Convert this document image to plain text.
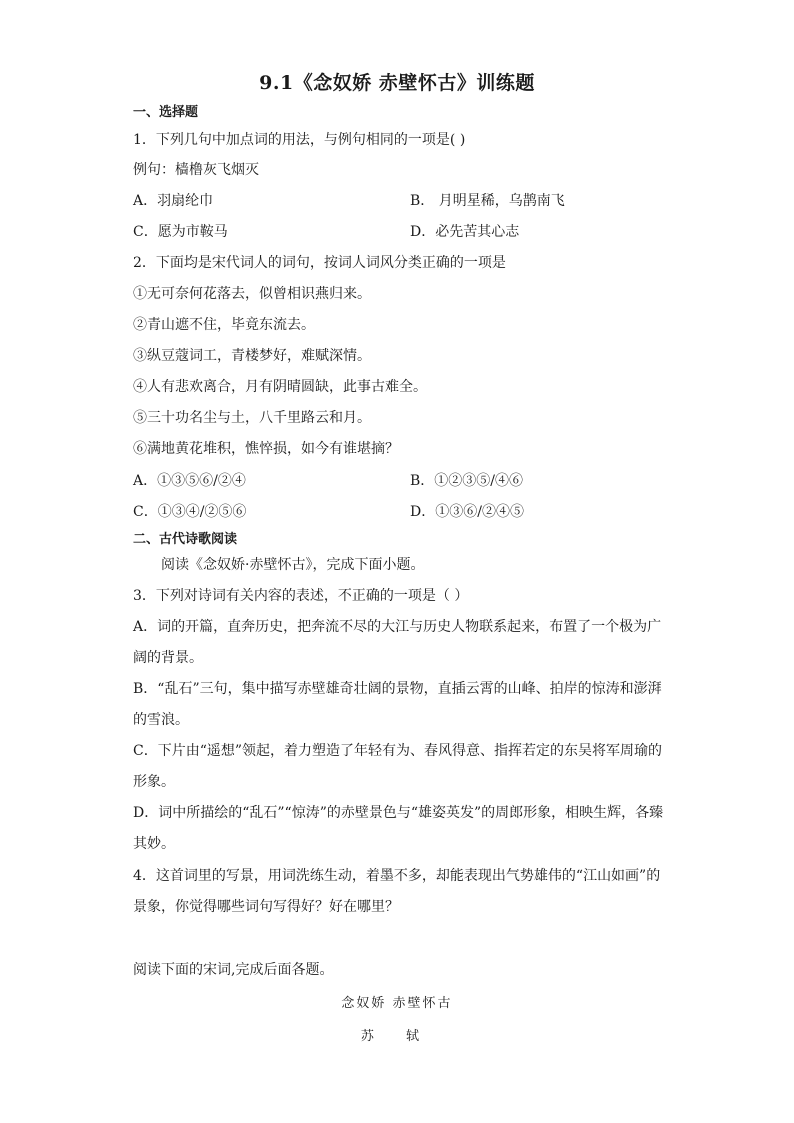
9.1《念奴娇 赤壁怀古》训练题
一、选择题
1．下列几句中加点词的用法，与例句相同的一项是( )
例句：樯橹灰飞烟灭
A．羽扇纶巾	B． 月明星稀，乌鹊南飞
C．愿为市鞍马	D．必先苦其心志
2．下面均是宋代词人的词句，按词人词风分类正确的一项是
①无可奈何花落去，似曾相识燕归来。
②青山遮不住，毕竟东流去。
③纵豆蔻词工，青楼梦好，难赋深情。
④人有悲欢离合，月有阴晴圆缺，此事古难全。
⑤三十功名尘与土，八千里路云和月。
⑥满地黄花堆积，憔悴损，如今有谁堪摘？
A．①③⑤⑥/②④	B．①②③⑤/④⑥
C．①③④/②⑤⑥	D．①③⑥/②④⑤
二、古代诗歌阅读
阅读《念奴娇·赤壁怀古》，完成下面小题。
3．下列对诗词有关内容的表述，不正确的一项是（ ）
A．词的开篇，直奔历史，把奔流不尽的大江与历史人物联系起来，布置了一个极为广
阔的背景。
B．“乱石”三句，集中描写赤壁雄奇壮阔的景物，直插云霄的山峰、拍岸的惊涛和澎湃
的雪浪。
C．下片由“遥想”领起，着力塑造了年轻有为、春风得意、指挥若定的东吴将军周瑜的
形象。
D．词中所描绘的“乱石”“惊涛”的赤壁景色与“雄姿英发”的周郎形象，相映生辉，各臻
其妙。
4．这首词里的写景，用词洗练生动，着墨不多，却能表现出气势雄伟的“江山如画”的
景象，你觉得哪些词句写得好？好在哪里？
阅读下面的宋词,完成后面各题。
念奴娇 赤壁怀古
苏 轼
